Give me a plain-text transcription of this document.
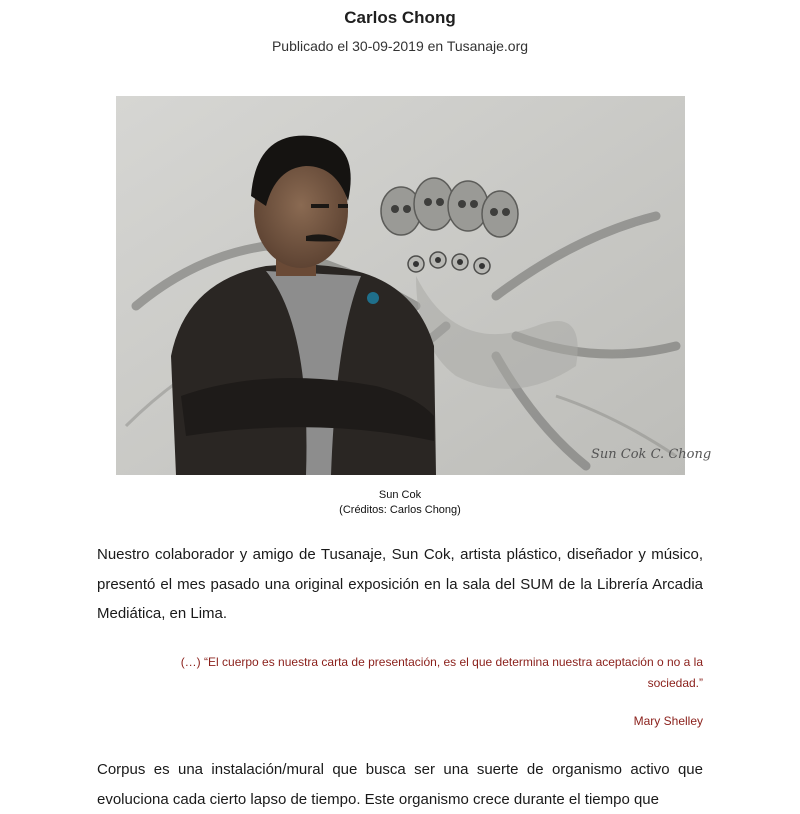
Carlos Chong
Publicado el 30-09-2019 en Tusanaje.org
Sun Cok C. Chong
Sun Cok
(Créditos: Carlos Chong)
Nuestro colaborador y amigo de Tusanaje, Sun Cok, artista plástico, diseñador y músico, presentó el mes pasado una original exposición en la sala del SUM de la Librería Arcadia Mediática, en Lima.
(…) “El cuerpo es nuestra carta de presentación, es el que determina nuestra aceptación o no a la sociedad.”
Mary Shelley
Corpus es una instalación/mural que busca ser una suerte de organismo activo que evoluciona cada cierto lapso de tiempo. Este organismo crece durante el tiempo que
